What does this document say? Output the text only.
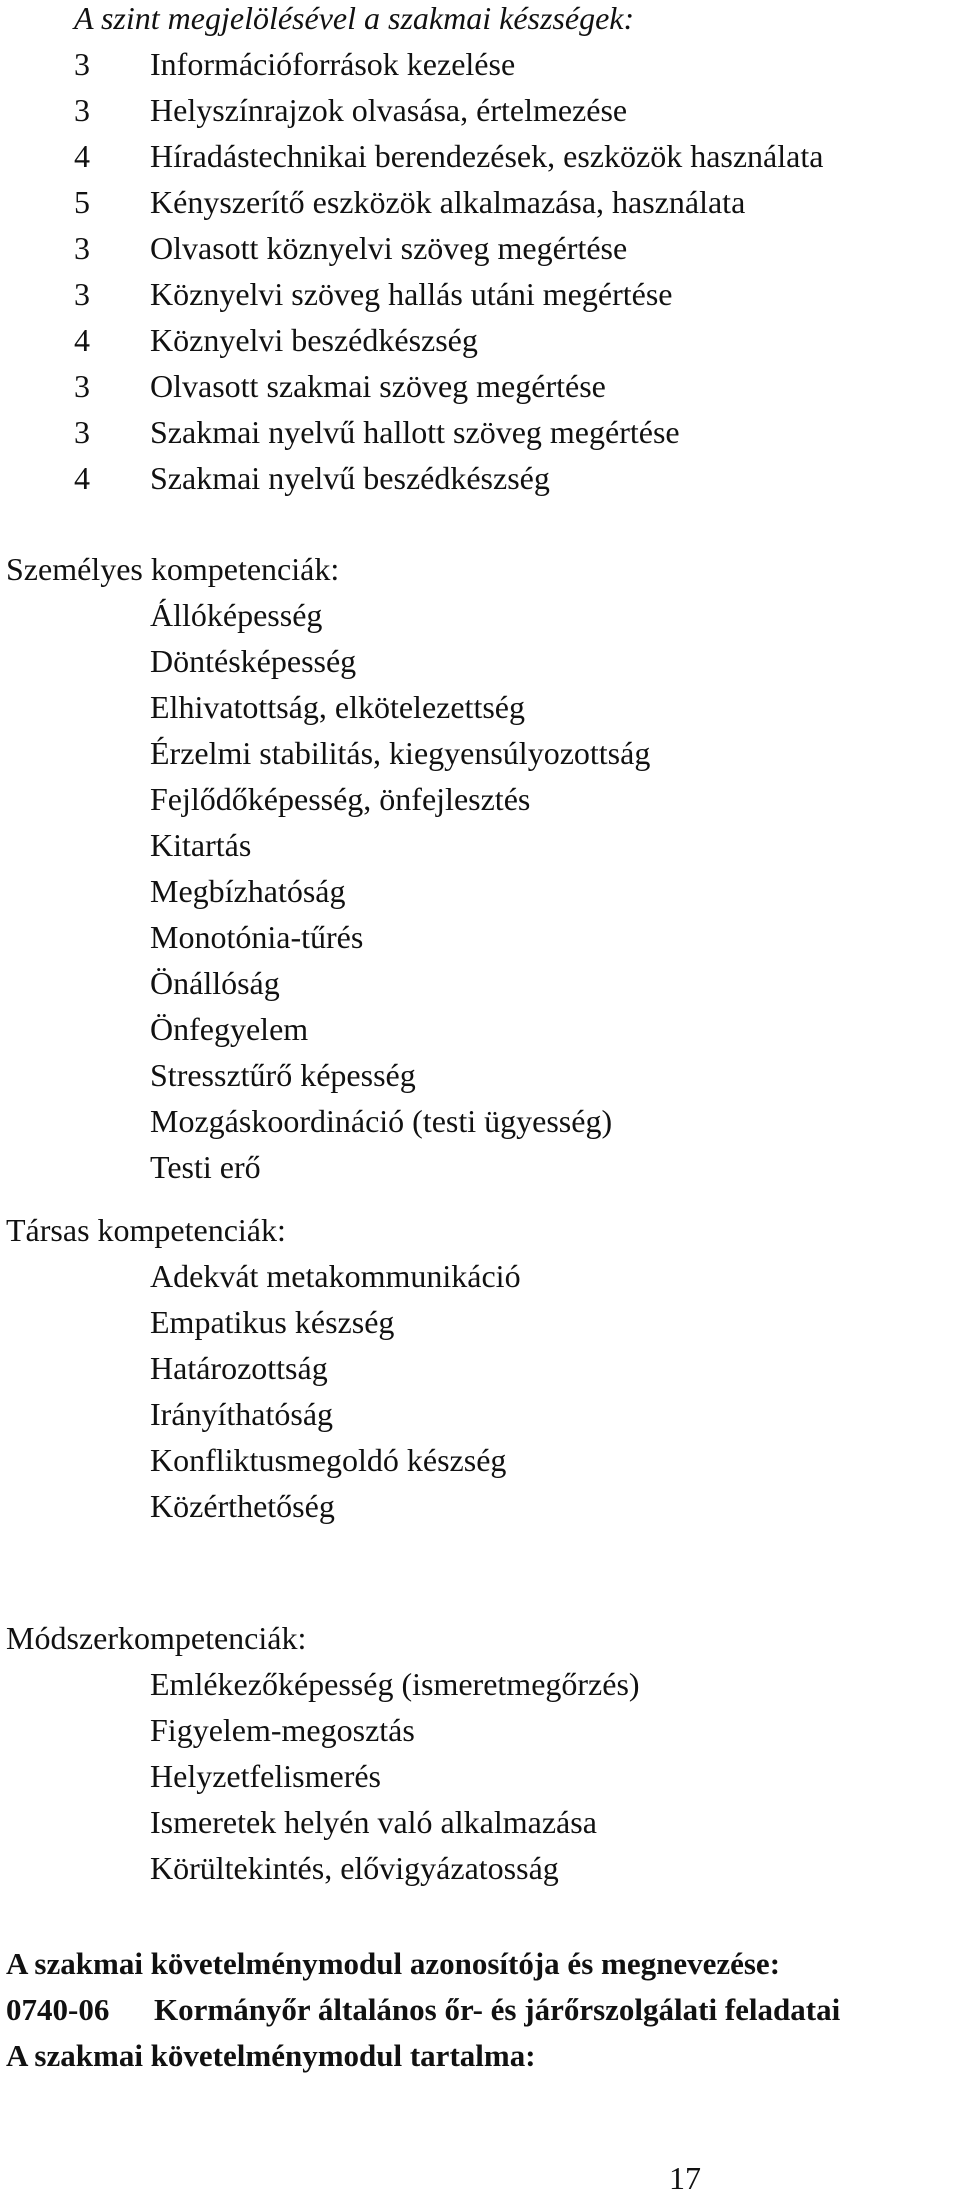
A szint megjelölésével a szakmai készségek:
3	Információforrások kezelése
3	Helyszínrajzok olvasása, értelmezése
4	Híradástechnikai berendezések, eszközök használata
5	Kényszerítő eszközök alkalmazása, használata
3	Olvasott köznyelvi szöveg megértése
3	Köznyelvi szöveg hallás utáni megértése
4	Köznyelvi beszédkészség
3	Olvasott szakmai szöveg megértése
3	Szakmai nyelvű hallott szöveg megértése
4	Szakmai nyelvű beszédkészség
Személyes kompetenciák:
Állóképesség
Döntésképesség
Elhivatottság, elkötelezettség
Érzelmi stabilitás, kiegyensúlyozottság
Fejlődőképesség, önfejlesztés
Kitartás
Megbízhatóság
Monotónia-tűrés
Önállóság
Önfegyelem
Stressztűrő képesség
Mozgáskoordináció (testi ügyesség)
Testi erő
Társas kompetenciák:
Adekvát metakommunikáció
Empatikus készség
Határozottság
Irányíthatóság
Konfliktusmegoldó készség
Közérthetőség
Módszerkompetenciák:
Emlékezőképesség (ismeretmegőrzés)
Figyelem-megosztás
Helyzetfelismerés
Ismeretek helyén való alkalmazása
Körültekintés, elővigyázatosság
A szakmai követelménymodul azonosítója és megnevezése:
0740-06 Kormányőr általános őr- és járőrszolgálati feladatai
A szakmai követelménymodul tartalma:
17
